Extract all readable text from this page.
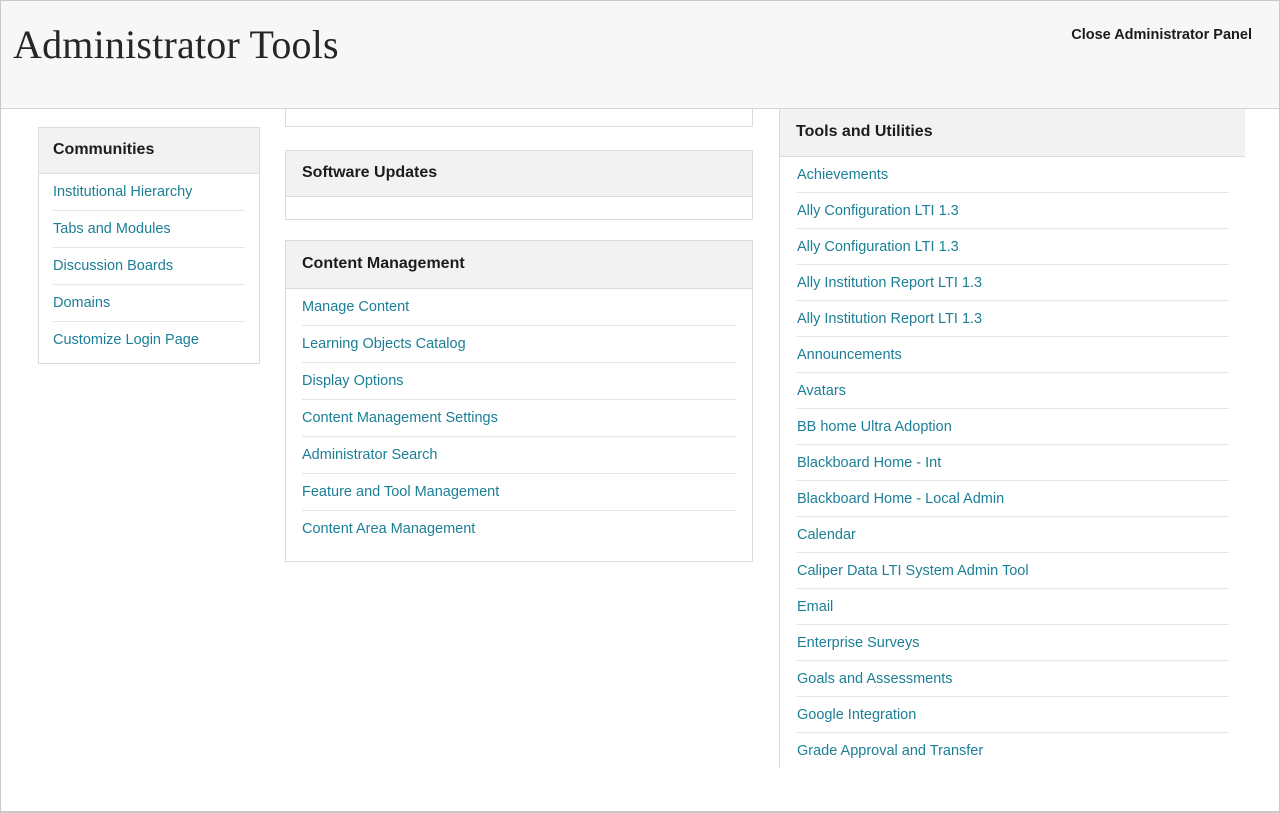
Administrator Tools	Close Administrator Panel
Communities
Institutional Hierarchy
Tabs and Modules
Discussion Boards
Domains
Customize Login Page
Software Updates
Content Management
Manage Content
Learning Objects Catalog
Display Options
Content Management Settings
Administrator Search
Feature and Tool Management
Content Area Management
Tools and Utilities
Achievements
Ally Configuration LTI 1.3
Ally Configuration LTI 1.3
Ally Institution Report LTI 1.3
Ally Institution Report LTI 1.3
Announcements
Avatars
BB home Ultra Adoption
Blackboard Home - Int
Blackboard Home - Local Admin
Calendar
Caliper Data LTI System Admin Tool
Email
Enterprise Surveys
Goals and Assessments
Google Integration
Grade Approval and Transfer
